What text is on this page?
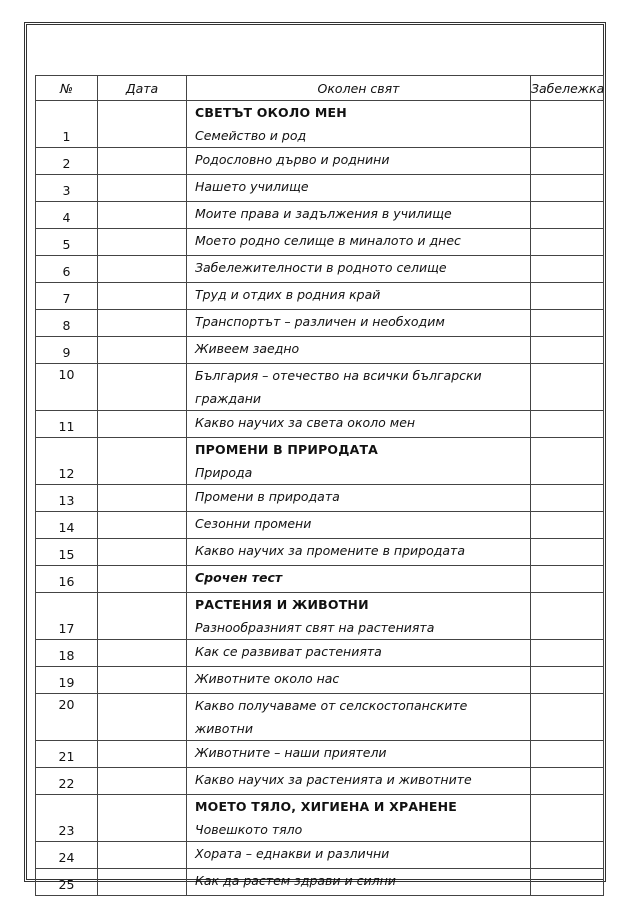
№	Дата	Околен свят	Забележка
1		СВЕТЪТ ОКОЛО МЕН
Семейство и род	

2		Родословно дърво и роднини	

3		Нашето училище	

4		Моите права и задължения в училище	

5		Моето родно селище в миналото и днес	

6		Забележителности в родното селище	

7		Труд и отдих в родния край	

8		Транспортът – различен и необходим	

9		Живеем заедно	

10		България – отечество на всички български
граждани	

11		Какво научих за света около мен	

12		ПРОМЕНИ В ПРИРОДАТА
Природа	

13		Промени в природата	

14		Сезонни промени	

15		Какво научих за промените в природата	

16		Срочен тест	

17		РАСТЕНИЯ И ЖИВОТНИ
Разнообразният свят на растенията	

18		Как се развиват растенията	

19		Животните около нас	

20		Какво получаваме от селскостопанските
животни	

21		Животните – наши приятели	

22		Какво научих за растенията и животните	

23		МОЕТО ТЯЛО, ХИГИЕНА И ХРАНЕНЕ
Човешкото тяло	

24		Хората – еднакви и различни	

25		Как да растем здрави и силни	
